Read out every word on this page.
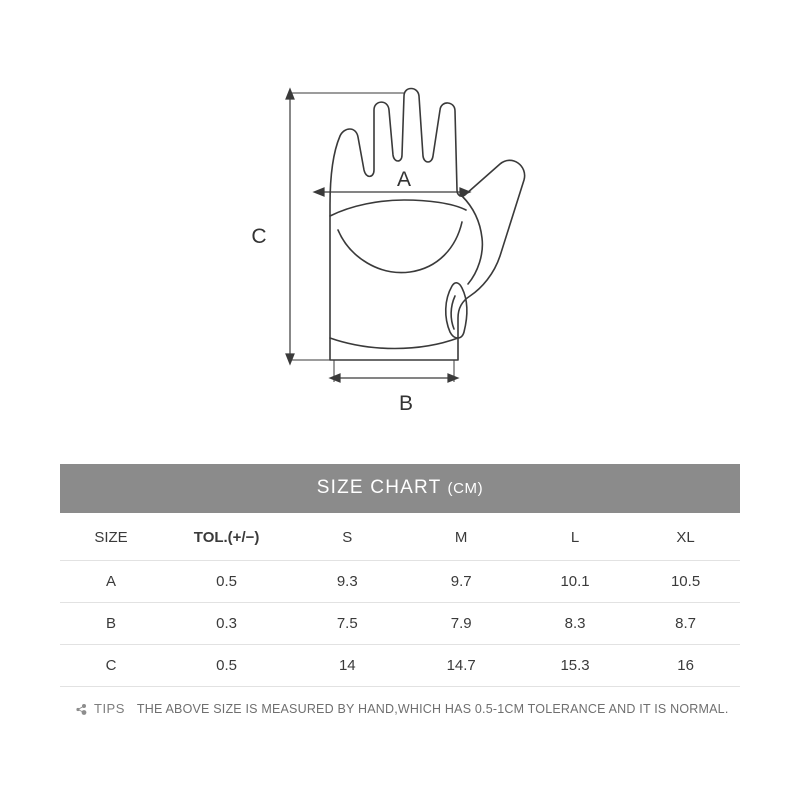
C
A
B
SIZE CHART (CM)
SIZE	TOL.(+/−)	S	M	L	XL
A	0.5	9.3	9.7	10.1	10.5
B	0.3	7.5	7.9	8.3	8.7
C	0.5	14	14.7	15.3	16
TIPS THE ABOVE SIZE IS MEASURED BY HAND,WHICH HAS 0.5-1CM TOLERANCE AND IT IS NORMAL.
